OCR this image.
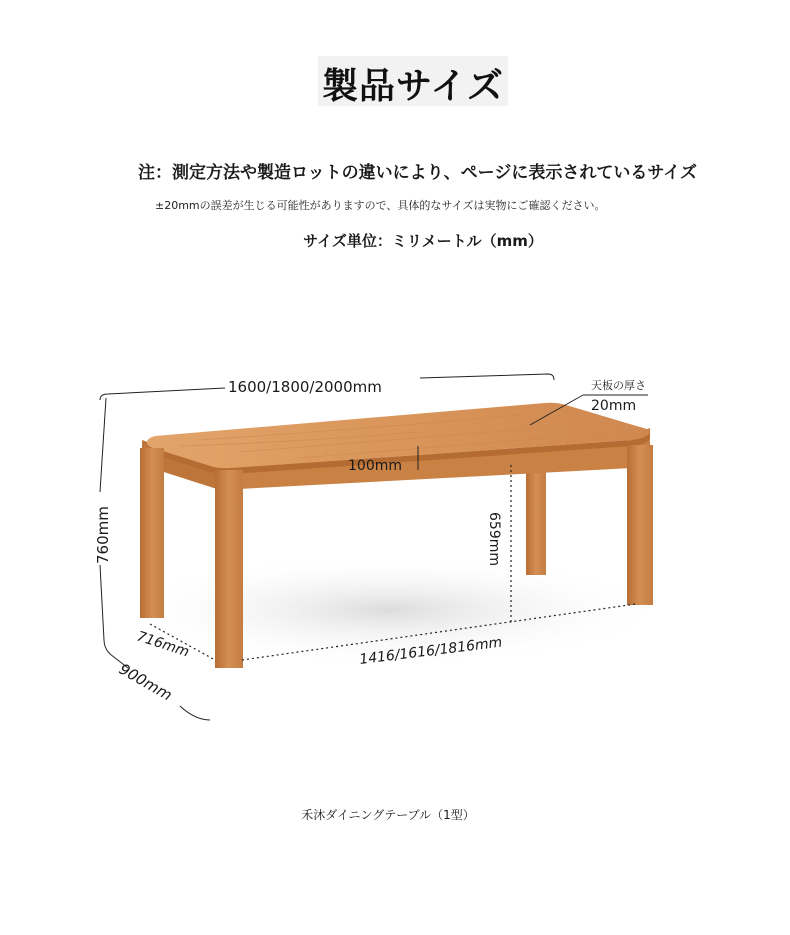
製品サイズ
注：測定方法や製造ロットの違いにより、ページに表示されているサイズ
±20mmの誤差が生じる可能性がありますので、具体的なサイズは実物にご確認ください。
サイズ単位：ミリメートル（mm）
1600/1800/2000mm	天板の厚さ
20mm
100mm
760mm	659mm
716mm
900mm
1416/1616/1816mm
禾沐ダイニングテーブル（1型）
